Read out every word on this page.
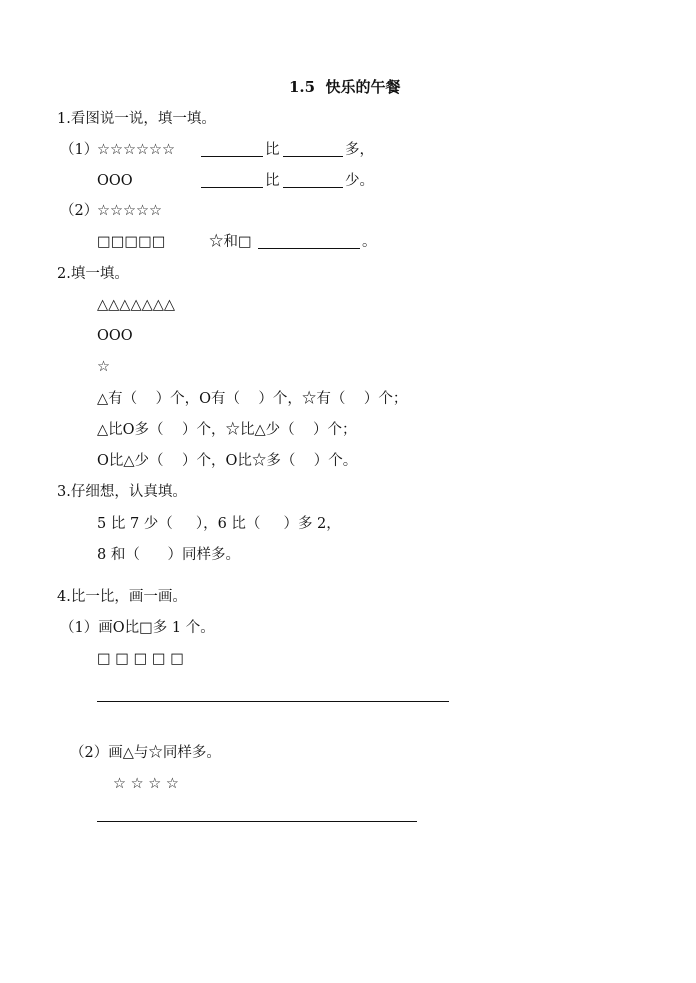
1.5  快乐的午餐
1.看图说一说，填一填。
（1）
☆☆☆☆☆☆	比	多，
OOO	比	少。
（2）
☆☆☆☆☆
□□□□□	☆和□	。
2.填一填。
△△△△△△△
OOO
☆
△有（    ）个，O有（    ）个，☆有（    ）个；
△比O多（    ）个，☆比△少（    ）个；
O比△少（    ）个，O比☆多（    ）个。
3.仔细想，认真填。
5 比 7 少（     ），6 比（     ）多 2，
8 和（      ）同样多。
4.比一比，画一画。
（1）画O比□多 1 个。
□ □ □ □ □
（2）画△与☆同样多。
☆ ☆ ☆ ☆
